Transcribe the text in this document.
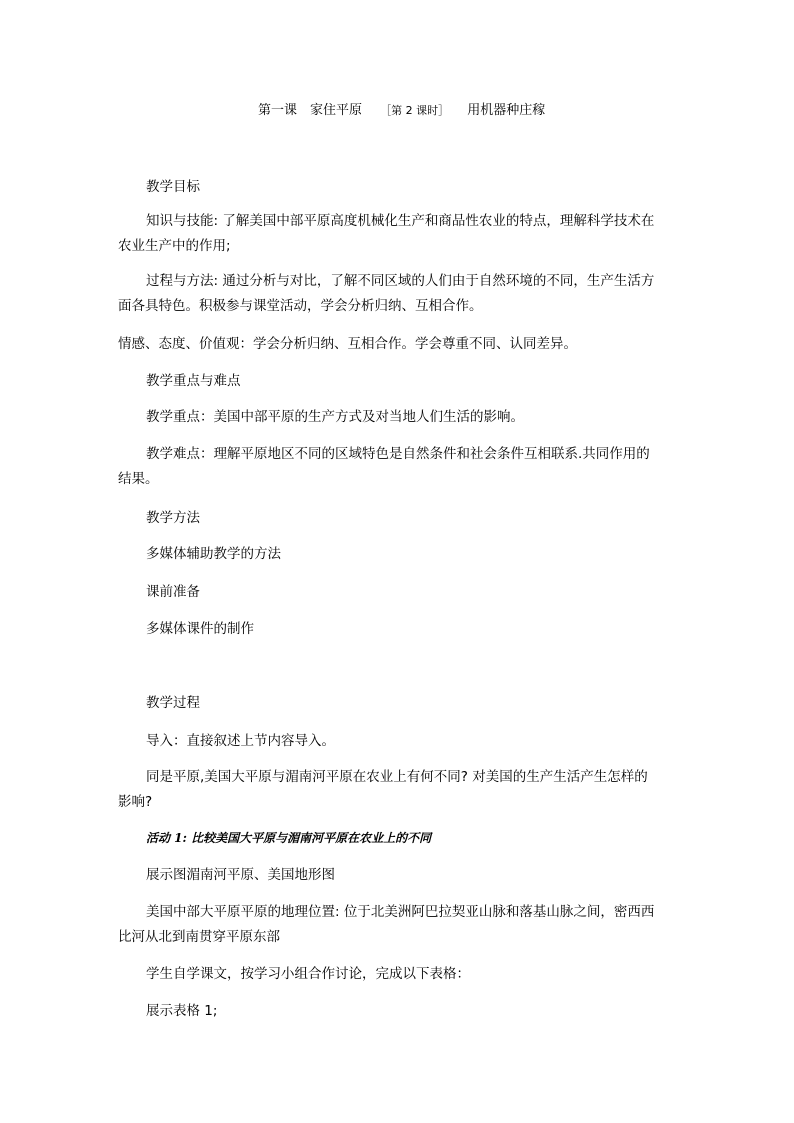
第一课　家住平原 ［第 2 课时］ 用机器种庄稼
教学目标
知识与技能: 了解美国中部平原高度机械化生产和商品性农业的特点，理解科学技术在
农业生产中的作用;
过程与方法: 通过分析与对比，了解不同区域的人们由于自然环境的不同，生产生活方
面各具特色。积极参与课堂活动，学会分析归纳、互相合作。
情感、态度、价值观：学会分析归纳、互相合作。学会尊重不同、认同差异。
教学重点与难点
教学重点：美国中部平原的生产方式及对当地人们生活的影响。
教学难点：理解平原地区不同的区域特色是自然条件和社会条件互相联系.共同作用的
结果。
教学方法
多媒体辅助教学的方法
课前准备
多媒体课件的制作
教学过程
导入：直接叙述上节内容导入。
同是平原,美国大平原与湄南河平原在农业上有何不同? 对美国的生产生活产生怎样的
影响?
活动 1: 比较美国大平原与湄南河平原在农业上的不同
展示图湄南河平原、美国地形图
美国中部大平原平原的地理位置: 位于北美洲阿巴拉契亚山脉和落基山脉之间，密西西
比河从北到南贯穿平原东部
学生自学课文，按学习小组合作讨论，完成以下表格：
展示表格 1;
